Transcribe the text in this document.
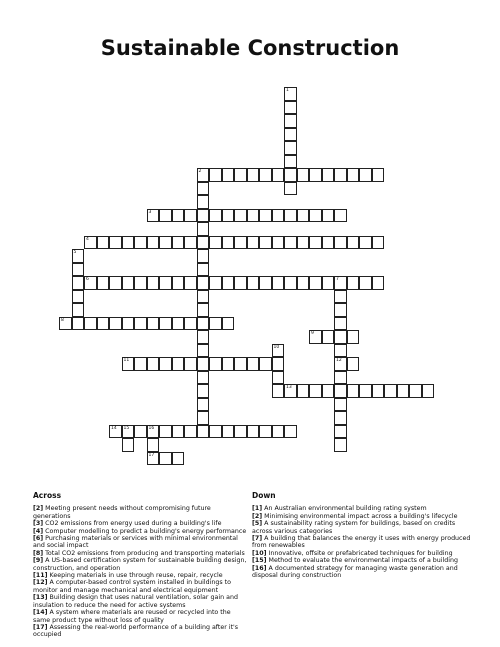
Sustainable Construction
1
2
3
4
5
6	7
12
8
9
10
11
13
14 15	16
17
Across

[2] Meeting present needs without compromising future generations

[3] CO2 emissions from energy used during a building's life

[4] Computer modelling to predict a building's energy performance

[6] Purchasing materials or services with minimal environmental and social impact

[8] Total CO2 emissions from producing and transporting materials

[9] A US-based certification system for sustainable building design, construction, and operation

[11] Keeping materials in use through reuse, repair, recycle

[12] A computer-based control system installed in buildings to monitor and manage mechanical and electrical equipment

[13] Building design that uses natural ventilation, solar gain and insulation to reduce the need for active systems

[14] A system where materials are reused or recycled into the same product type without loss of quality

[17] Assessing the real-world performance of a building after it's occupied

Down

[1] An Australian environmental building rating system

[2] Minimising environmental impact across a building's lifecycle

[5] A sustainability rating system for buildings, based on credits across various categories

[7] A building that balances the energy it uses with energy produced from renewables

[10] Innovative, offsite or prefabricated techniques for building

[15] Method to evaluate the environmental impacts of a building

[16] A documented strategy for managing waste generation and disposal during construction
